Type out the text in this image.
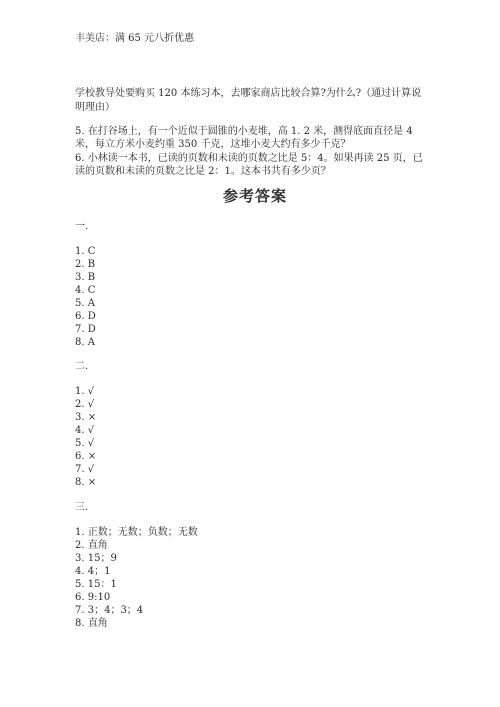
丰美店：满 65 元八折优惠
学校教导处要购买 120 本练习本，去哪家商店比较合算?为什么?（通过计算说
明理由）
5. 在打谷场上，有一个近似于圆锥的小麦堆，高 1. 2 米，测得底面直径是 4
米，每立方米小麦约重 350 千克，这堆小麦大约有多少千克？
6. 小林读一本书，已读的页数和未读的页数之比是 5：4。如果再读 25 页，已
读的页数和未读的页数之比是 2：1。这本书共有多少页？
参考答案
一.
1. C
2. B
3. B
4. C
5. A
6. D
7. D
8. A
二.
1. √
2. √
3. ×
4. √
5. √
6. ×
7. √
8. ×
三.
1. 正数；无数；负数；无数
2. 直角
3. 15；9
4. 4；1
5. 15：1
6. 9:10
7. 3；4；3；4
8. 直角
